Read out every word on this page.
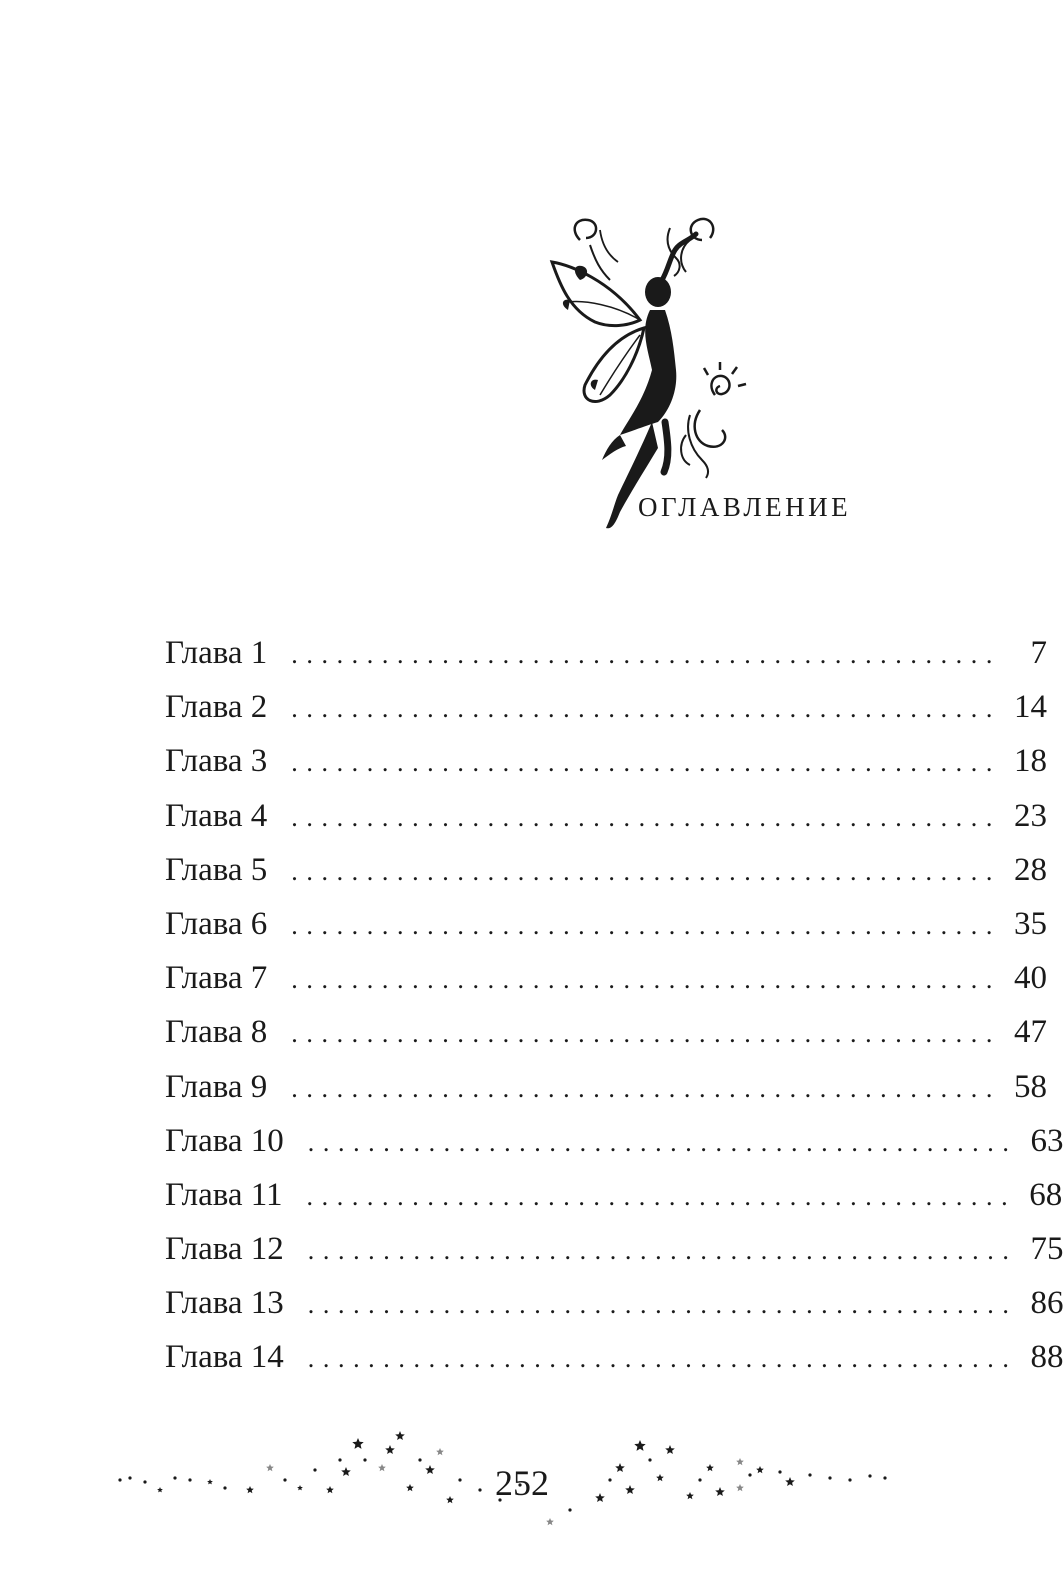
ОГЛАВЛЕНИЕ
Глава 1 ............................................... 7
Глава 2 ............................................... 14
Глава 3 ............................................... 18
Глава 4 ............................................... 23
Глава 5 ............................................... 28
Глава 6 ............................................... 35
Глава 7 ............................................... 40
Глава 8 ............................................... 47
Глава 9 ............................................... 58
Глава 10 ............................................... 63
Глава 11 ............................................... 68
Глава 12 ............................................... 75
Глава 13 ............................................... 86
Глава 14 ............................................... 88
252
